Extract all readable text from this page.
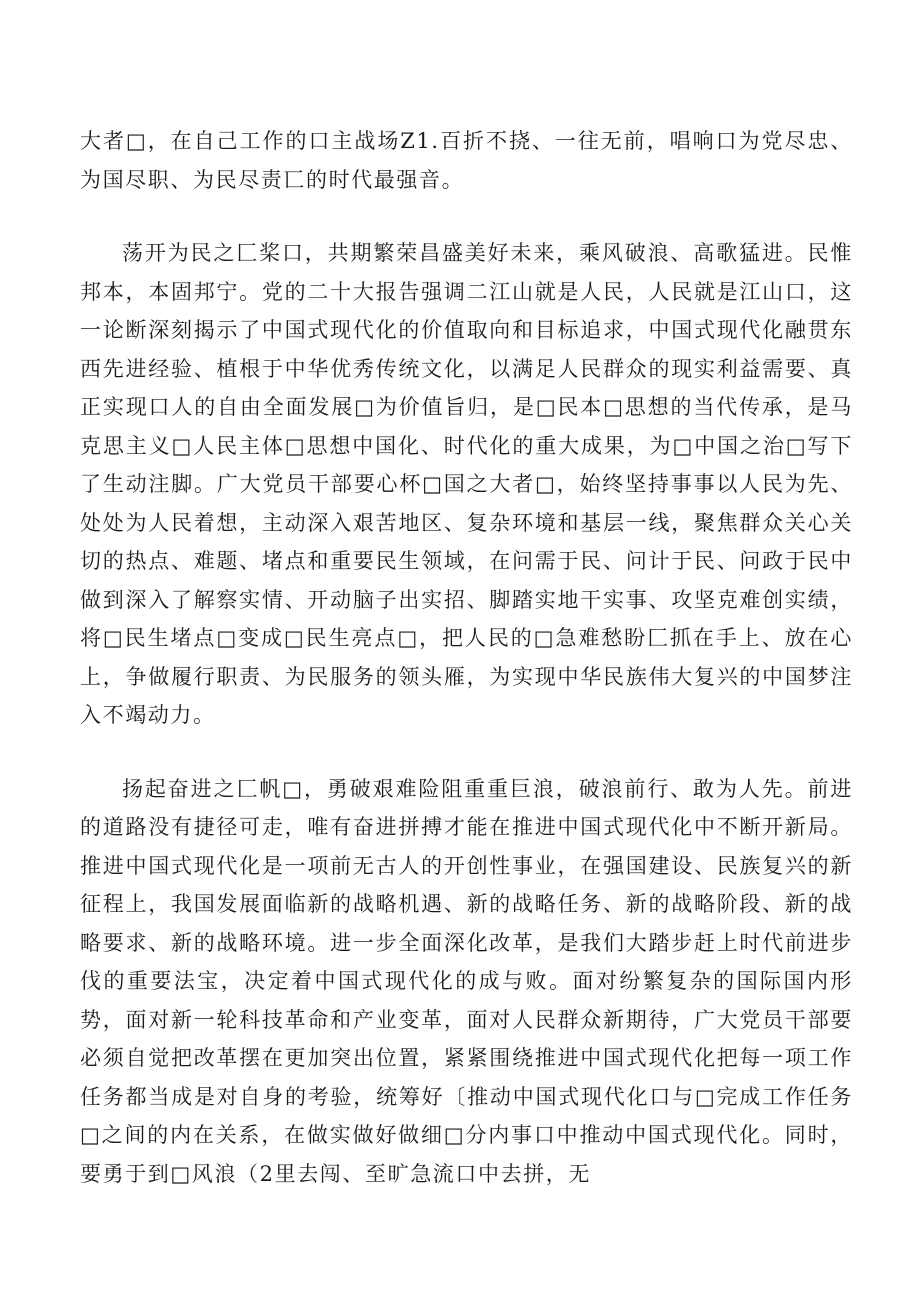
大者□，在自己工作的口主战场Z1.百折不挠、一往无前，唱响口为党尽忠、为国尽职、为民尽责匸的时代最强音。

荡开为民之匚桨口，共期繁荣昌盛美好未来，乘风破浪、高歌猛进。民惟邦本，本固邦宁。党的二十大报告强调二江山就是人民，人民就是江山口，这一论断深刻揭示了中国式现代化的价值取向和目标追求，中国式现代化融贯东西先进经验、植根于中华优秀传统文化，以满足人民群众的现实利益需要、真正实现口人的自由全面发展□为价值旨归，是□民本□思想的当代传承，是马克思主义□人民主体□思想中国化、时代化的重大成果，为□中国之治□写下了生动注脚。广大党员干部要心杯□国之大者□，始终坚持事事以人民为先、处处为人民着想，主动深入艰苦地区、复杂环境和基层一线，聚焦群众关心关切的热点、难题、堵点和重要民生领域，在问需于民、问计于民、问政于民中做到深入了解察实情、开动脑子出实招、脚踏实地干实事、攻坚克难创实绩，将□民生堵点□变成□民生亮点□，把人民的□急难愁盼匚抓在手上、放在心上，争做履行职责、为民服务的领头雁，为实现中华民族伟大复兴的中国梦注入不竭动力。

扬起奋进之匚帆□，勇破艰难险阻重重巨浪，破浪前行、敢为人先。前进的道路没有捷径可走，唯有奋进拼搏才能在推进中国式现代化中不断开新局。推进中国式现代化是一项前无古人的开创性事业，在强国建设、民族复兴的新征程上，我国发展面临新的战略机遇、新的战略任务、新的战略阶段、新的战略要求、新的战略环境。进一步全面深化改革，是我们大踏步赶上时代前进步伐的重要法宝，决定着中国式现代化的成与败。面对纷繁复杂的国际国内形势，面对新一轮科技革命和产业变革，面对人民群众新期待，广大党员干部要必须自觉把改革摆在更加突出位置，紧紧围绕推进中国式现代化把每一项工作任务都当成是对自身的考验，统筹好〔推动中国式现代化口与□完成工作任务□之间的内在关系，在做实做好做细□分内事口中推动中国式现代化。同时，要勇于到□风浪（2里去闯、至旷急流口中去拼，无
